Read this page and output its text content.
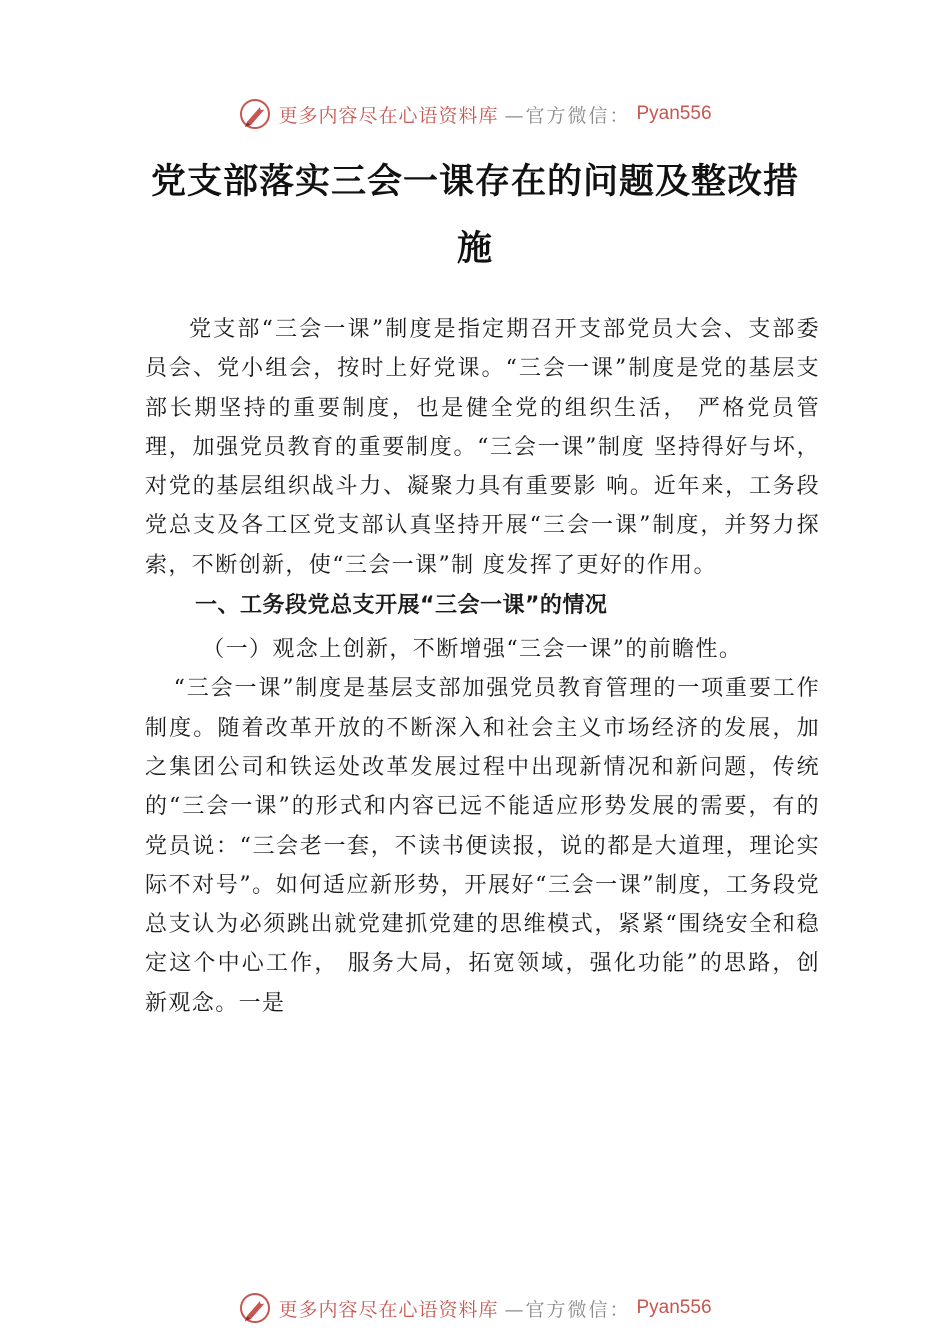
更多内容尽在心语资料库 —官方微信： Pyan556
党支部落实三会一课存在的问题及整改措施

党支部“三会一课”制度是指定期召开支部党员大会、支部委员会、党小组会，按时上好党课。“三会一课”制度是党的基层支部长期坚持的重要制度，也是健全党的组织生活， 严格党员管理，加强党员教育的重要制度。“三会一课”制度 坚持得好与坏，对党的基层组织战斗力、凝聚力具有重要影 响。近年来，工务段党总支及各工区党支部认真坚持开展“三会一课”制度，并努力探索，不断创新，使“三会一课”制 度发挥了更好的作用。

一、工务段党总支开展“三会一课”的情况

（一）观念上创新，不断增强“三会一课”的前瞻性。

“三会一课”制度是基层支部加强党员教育管理的一项重要工作制度。随着改革开放的不断深入和社会主义市场经济的发展，加之集团公司和铁运处改革发展过程中出现新情况和新问题，传统的“三会一课”的形式和内容已远不能适应形势发展的需要，有的党员说：“三会老一套，不读书便读报，说的都是大道理，理论实际不对号”。如何适应新形势，开展好“三会一课”制度，工务段党总支认为必须跳出就党建抓党建的思维模式，紧紧“围绕安全和稳定这个中心工作， 服务大局，拓宽领域，强化功能”的思路，创新观念。一是

更多内容尽在心语资料库 —官方微信： Pyan556
